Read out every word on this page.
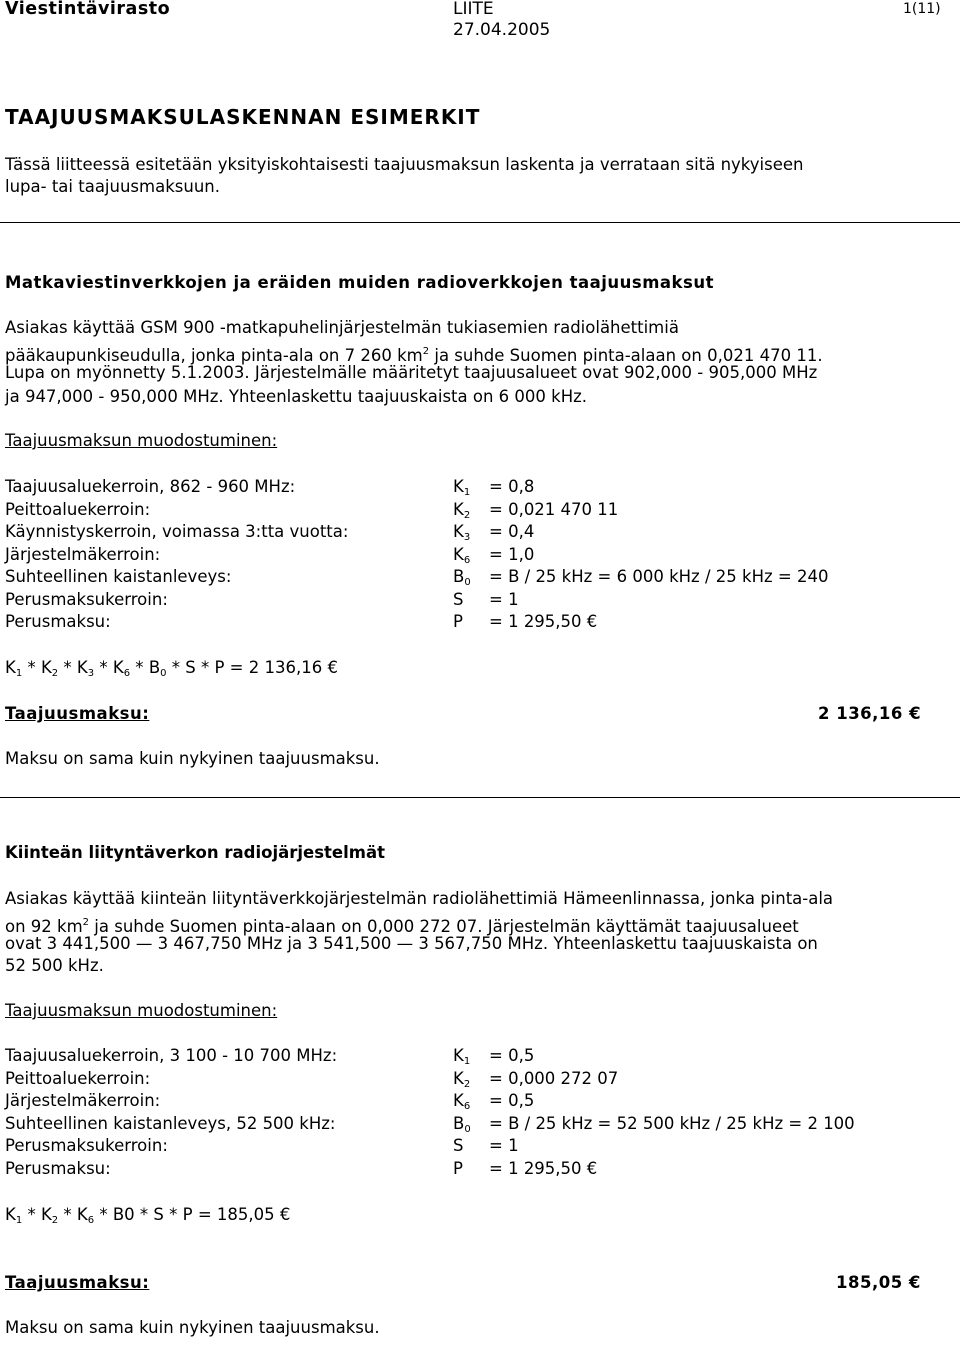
Viestintävirasto	LIITE
27.04.2005
1(11)
TAAJUUSMAKSULASKENNAN ESIMERKIT
Tässä liitteessä esitetään yksityiskohtaisesti taajuusmaksun laskenta ja verrataan sitä nykyiseen
lupa- tai taajuusmaksuun.
Matkaviestinverkkojen ja eräiden muiden radioverkkojen taajuusmaksut
Asiakas käyttää GSM 900 -matkapuhelinjärjestelmän tukiasemien radiolähettimiä
pääkaupunkiseudulla, jonka pinta-ala on 7 260 $km^2$ ja suhde Suomen pinta-alaan on 0,021 470 11.
Lupa on myönnetty 5.1.2003. Järjestelmälle määritetyt taajuusalueet ovat 902,000 - 905,000 MHz
ja 947,000 - 950,000 MHz. Yhteenlaskettu taajuuskaista on 6 000 kHz.
Taajuusmaksun muodostuminen:
Taajuusaluekerroin, 862 - 960 MHz:	$K_1 = 0,8$
Peittoaluekerroin:	$K_2 = 0,021$ 470 11
Käynnistyskerroin, voimassa 3:tta vuotta:	$K_3 = 0,4$
Järjestelmäkerroin:	$K_6 = 1,0$
Suhteellinen kaistanleveys:	$B_0 = B / 25$ kHz = 6 000 kHz / 25 kHz = 240
Perusmaksukerroin:	S = 1
Perusmaksu:	P = 1 295,50 €
$K_1 * K_2 * K_3 * K_6 * B_0 * S * P = 2$ 136,16 €
Taajuusmaksu:	2 136,16 €
Maksu on sama kuin nykyinen taajuusmaksu.
Kiinteän liityntäverkon radiojärjestelmät
Asiakas käyttää kiinteän liityntäverkkojärjestelmän radiolähettimiä Hämeenlinnassa, jonka pinta-ala
on 92 $km^2$ ja suhde Suomen pinta-alaan on 0,000 272 07. Järjestelmän käyttämät taajuusalueet
ovat 3 441,500 — 3 467,750 MHz ja 3 541,500 — 3 567,750 MHz. Yhteenlaskettu taajuuskaista on
52 500 kHz.
Taajuusmaksun muodostuminen:
Taajuusaluekerroin, 3 100 - 10 700 MHz:	$K_1 = 0,5$
Peittoaluekerroin:	$K_2 = 0,000$ 272 07
Järjestelmäkerroin:	$K_6 = 0,5$
Suhteellinen kaistanleveys, 52 500 kHz:	$B_0 = B / 25$ kHz = 52 500 kHz / 25 kHz = 2 100
Perusmaksukerroin:	S = 1
Perusmaksu:	P = 1 295,50 €
$K_1 * K_2 * K_6 * B0 * S * P = 185,05$ €
Taajuusmaksu:	185,05 €
Maksu on sama kuin nykyinen taajuusmaksu.
